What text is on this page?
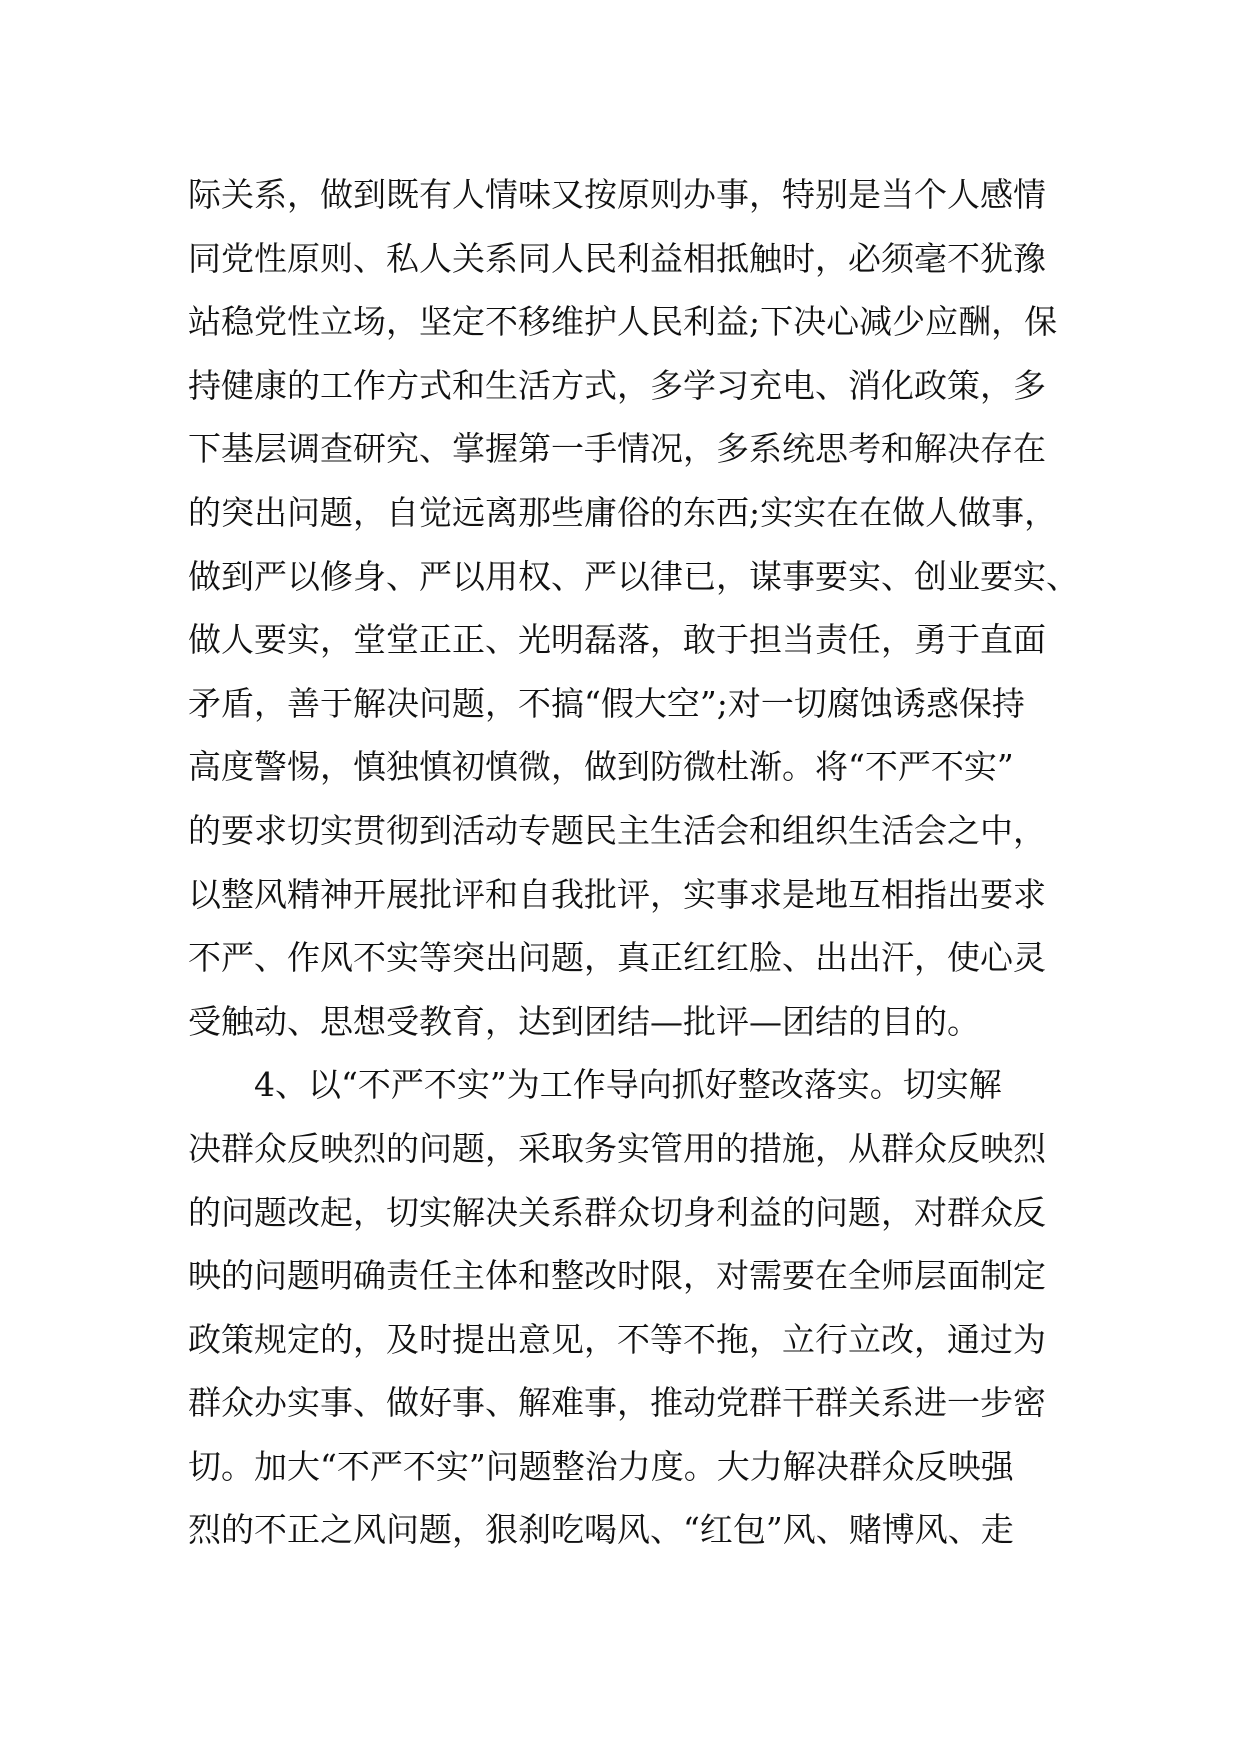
际关系，做到既有人情味又按原则办事，特别是当个人感情
同党性原则、私人关系同人民利益相抵触时，必须毫不犹豫
站稳党性立场，坚定不移维护人民利益;下决心减少应酬，保
持健康的工作方式和生活方式，多学习充电、消化政策，多
下基层调查研究、掌握第一手情况，多系统思考和解决存在
的突出问题，自觉远离那些庸俗的东西;实实在在做人做事，
做到严以修身、严以用权、严以律已，谋事要实、创业要实、
做人要实，堂堂正正、光明磊落，敢于担当责任，勇于直面
矛盾，善于解决问题，不搞“假大空”;对一切腐蚀诱惑保持
高度警惕，慎独慎初慎微，做到防微杜渐。将“不严不实”
的要求切实贯彻到活动专题民主生活会和组织生活会之中，
以整风精神开展批评和自我批评，实事求是地互相指出要求
不严、作风不实等突出问题，真正红红脸、出出汗，使心灵
受触动、思想受教育，达到团结—批评—团结的目的。
4、以“不严不实”为工作导向抓好整改落实。切实解
决群众反映烈的问题，采取务实管用的措施，从群众反映烈
的问题改起，切实解决关系群众切身利益的问题，对群众反
映的问题明确责任主体和整改时限，对需要在全师层面制定
政策规定的，及时提出意见，不等不拖，立行立改，通过为
群众办实事、做好事、解难事，推动党群干群关系进一步密
切。加大“不严不实”问题整治力度。大力解决群众反映强
烈的不正之风问题，狠刹吃喝风、“红包”风、赌博风、走
